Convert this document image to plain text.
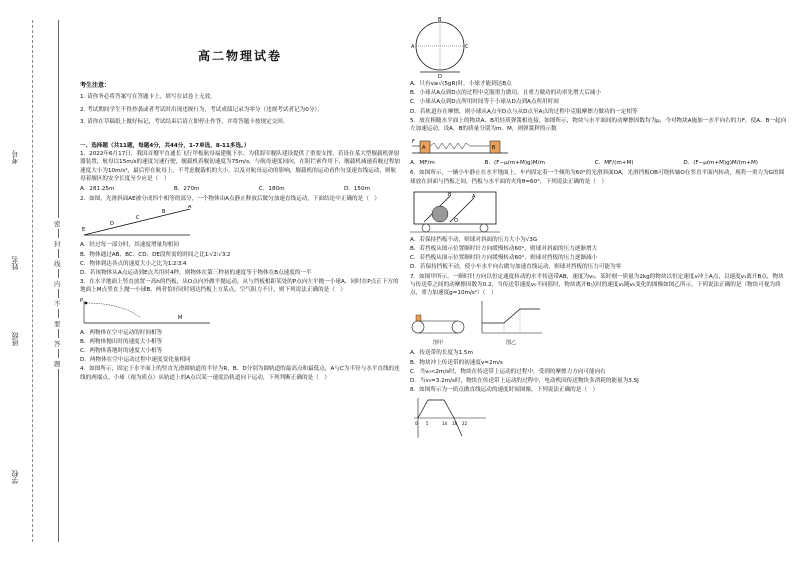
考号
姓名
班级
学校
密
封
线
内
不
要
答
题
高二物理试卷
考生注意：

1. 请你务必将答案写在答题卡上，填写在试卷上无效。

2. 考试期间学生不得抄袭或者考试时出现违规行为，考试成绩记录为零分（违规考试者记为0分）。

3. 请你在草稿纸上做好标记，考试结束后请立即停止作答，并将答题卡按规定交回。

一、选择题（共11题，每题4分，共44分，1-7单选，8-11多选。）

1．2022年6月17日，我国首艘平直通长飞行甲板航母福建舰下水。为我海军舰队建设提供了重要支撑，若设在某大型舰载机弹射器装置，航母以15m/s的速度匀速行驶，舰载机着舰初速度为75m/s，与航母速度同向，在阻拦索作用下，舰载机减速着舰过程加速度大小为10m/s²，最后停在航母上，不考虑舰载机的大小，以及对航母运动的影响，舰载机的运动看作匀变速直线运动，则航母着舰区的安全长度至少应是（　）

A．281.25m	B．270m	C．180m	D．150m

2．如图，光滑斜面AE被分成四个相等的部分，一个物体由A点静止释放后做匀加速直线运动，下面结论中正确的是（　）

E
D
C
B
A

A．经过每一部分时，其速度增量均相同

B．物体通过AB、BC、CD、DE段所需的时间之比1∶√2∶√3∶2

C．物体到达各点的速度大小之比为1∶2∶3∶4

D．若该物体从A点运动到E点共用时4秒，则物体在第三秒初的速度等于物体在B点速度的一半

3．在水平地面上竖直放置一高h的挡板，从O点向外做平抛运动，从与挡板相距某处的P点向左平抛一小球A，同时在P点正下方的地面上M点竖直上抛一小球B，两者恰好同时到达挡板上方某点，空气阻力不计，则下列说法正确的是（　）

P
M

A．两物体在空中运动的时间相等

B．两物体抛出时的速度大小相等

C．两物体落地时的速度大小相等

D．两物体在空中运动过程中速度变化量相同

4．如图所示，固定于水平面上的竖直光滑圆轨道的半径为R，B、D分别为圆轨道的最高点和最低点，A与C为半径与水平直线的连线的两端点，小球（视为质点）从轨道上的A点以某一速度沿轨道向下运动，下列判断正确的是（　）

B
A	C
D

A．只有v≥√(5gR)时，小球才能到达B点

B．小球从A点到D点的过程中克服重力做功，且重力做功的功率先增大后减小

C．小球从A点到D点所用时间等于小球从D点到A点所用时间

D．若轨道存在摩擦，则小球从A点至D点与从D点至A点的过程中克服摩擦力做功的一定相等

5．放在粗糙水平面上的物块A、B用轻质弹簧相连接，如图所示，物块与水平面间的动摩擦因数均为μ，今对物块A施加一水平向右的力F，使A、B一起向左加速运动，设A、B的质量分别为m、M，则弹簧秤的示数

F
A	B
A．MF/m	B．(F−μ(m+M)g)M/m	C．MF/(m+M)	D．(F−μ(m+M)g)M/(m+M)

6．如图所示，一辆小车静止在水平地面上，车内固定着一个倾角为60°的光滑斜面OA，光滑挡板OB可绕转轴O在竖直平面内转动，现将一重力为G的圆球放在斜面与挡板之间，挡板与水平面的夹角θ=60°，下列说法正确的是（　）

A
B
O

A．若保持挡板不动，则球对斜面的压力大小为√3G

B．若挡板从图示位置顺时针方向缓慢转动60°，则球对斜面的压力逐渐增大

C．若挡板从图示位置顺时针方向缓慢转动60°，则球对挡板的压力逐渐减小

D．若保持挡板不动，使小车水平向右做匀加速直线运动，则球对挡板的压力可能为零

7．如图甲所示，一顺时针方向以恒定速度转动的水平传送带AB，速度为v₀，某时刻一质量为2kg的物块以恒定速度v冲上A点，以速度v₁离开B点，物块与传送带之间的动摩擦因数为0.2，当传送带速度v₀不同值时，物块离开B点时的速度v₁随v₀变化的图像如图乙所示，下列说法正确的是（物块可视为质点，重力加速度g=10m/s²）（　）

图甲	图乙

A．传送带的长度为1.5m

B．物块冲上传送带的初速度v=2m/s

C．当v₀<2m/s时，物块在传送带上运动的过程中，受到的摩擦力方向可能向右

D．当v₀=3.2m/s时，物块在传送带上运动的过程中，电动机因传送物块多消耗的能量为3.5J

8．如图所示为一质点做直线运动的速度时间图像，下列说法正确的是（　）

0 5	14 18 22
